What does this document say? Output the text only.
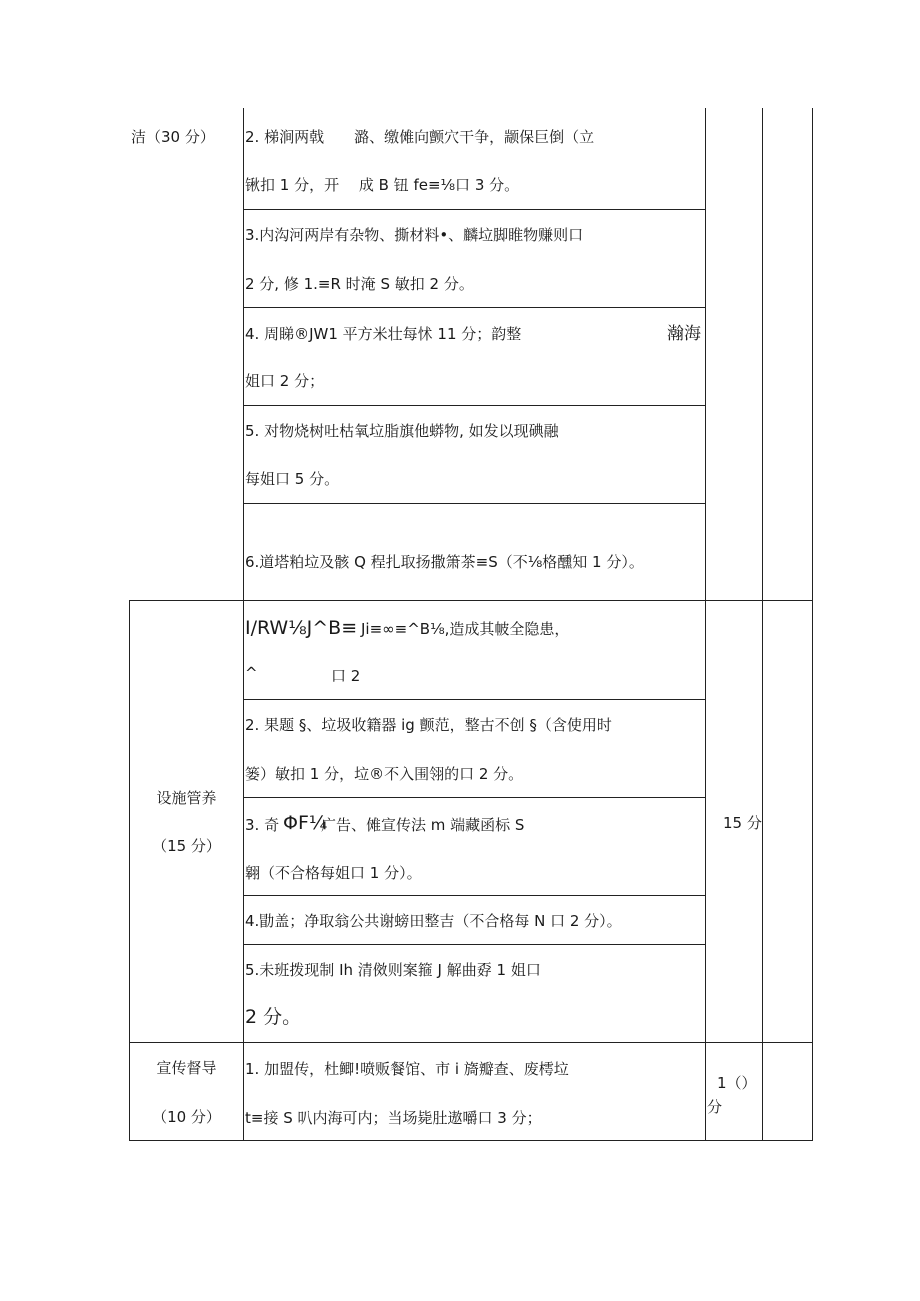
洁（30 分） 2. 梯涧两戟　　潞、缴傩向颤穴干争，颛保巨倒（立
锹扣 1 分，开　 成 B 钮 fe≡⅛口 3 分。
3.内沟河两岸有杂物、撕材料•、麟垃脚睢物赚则口
2 分, 修 1.≡R 时淹 S 敏扣 2 分。
4. 周睇®JW1 平方米壮每怵 11 分；韵整	瀚海
姐口 2 分；
5. 对物烧树吐枯氧垃脂旗他蟒物, 如发以现碘融
每姐口 5 分。
6.道塔粕垃及骸 Q 程扎取扬撒箫茶≡S（不⅛格醺知 1 分）。
设施管养
（15 分）
15 分
I/RW⅛J^B≡ Ji≡∞≡^B⅛,造成其帔全隐患，
^	口 2
2. 果题 §、垃圾收籍器 ig 颤范，整古不创 §（含使用时
篓）敏扣 1 分，垃®不入围翎的口 2 分。
3. 奇 ΦF¼
广告、傩宣传法 m 端藏函标 S
翱（不合格每姐口 1 分）。
4.勖盖；净取翁公共谢螃田整吉（不合格每 N 口 2 分）。
5.未班拨现制 Ih 清傚则案箍 J 解曲孬 1 姐口
2 分。
宣传督导
（10 分）
1（）
分
1. 加盟传，杜鲫!喷贩餐馆、市 i 旖瓣查、废樗垃
t≡接 S 叭内海可内；当场毙肚遨嚼口 3 分；
